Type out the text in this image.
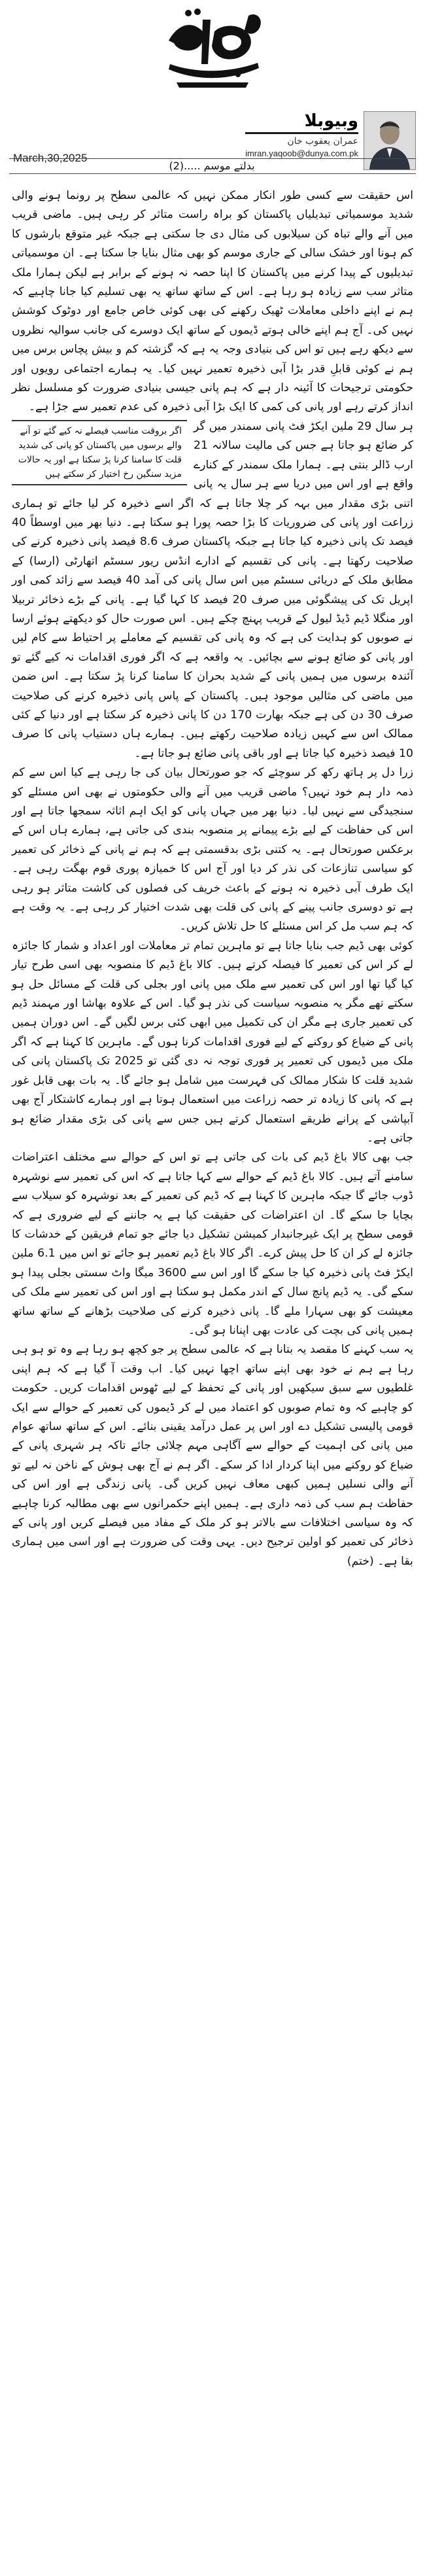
March,30,2025
وبیوبلا
عمران یعقوب خان
imran.yaqoob@dunya.com.pk
بدلتے موسم .....(2)

اس حقیقت سے کسی طور انکار ممکن نہیں کہ عالمی سطح پر رونما ہونے والی شدید موسمیاتی تبدیلیاں پاکستان کو براہ راست متاثر کر رہی ہیں۔ ماضی قریب میں آنے والے تباہ کن سیلابوں کی مثال دی جا سکتی ہے جبکہ غیر متوقع بارشوں کا کم ہونا اور خشک سالی کے جاری موسم کو بھی مثال بنایا جا سکتا ہے۔ ان موسمیاتی تبدیلیوں کے پیدا کرنے میں پاکستان کا اپنا حصہ نہ ہونے کے برابر ہے لیکن ہمارا ملک متاثر سب سے زیادہ ہو رہا ہے۔ اس کے ساتھ ساتھ یہ بھی تسلیم کیا جانا چاہیے کہ ہم نے اپنے داخلی معاملات ٹھیک رکھنے کی بھی کوئی خاص جامع اور دوٹوک کوشش نہیں کی۔ آج ہم اپنے خالی ہوتے ڈیموں کے ساتھ ایک دوسرے کی جانب سوالیہ نظروں سے دیکھ رہے ہیں تو اس کی بنیادی وجہ یہ ہے کہ گزشتہ کم و بیش پچاس برس میں ہم نے کوئی قابلِ قدر بڑا آبی ذخیرہ تعمیر نہیں کیا۔ یہ ہمارے اجتماعی رویوں اور حکومتی ترجیحات کا آئینہ دار ہے کہ ہم پانی جیسی بنیادی ضرورت کو مسلسل نظر انداز کرتے رہے اور پانی کی کمی کا ایک بڑا آبی ذخیرہ کی عدم تعمیر سے جڑا ہے۔

اگر بروقت مناسب فیصلے نہ کیے گئے تو آنے والے برسوں میں پاکستان کو پانی کی شدید قلت کا سامنا کرنا پڑ سکتا ہے اور یہ حالات مزید سنگین رخ اختیار کر سکتے ہیں

ہر سال 29 ملین ایکڑ فٹ پانی سمندر میں گر کر ضائع ہو جاتا ہے جس کی مالیت سالانہ 21 ارب ڈالر بنتی ہے۔ ہمارا ملک سمندر کے کنارے واقع ہے اور اس میں دریا سے ہر سال یہ پانی اتنی بڑی مقدار میں بہہ کر چلا جاتا ہے کہ اگر اسے ذخیرہ کر لیا جائے تو ہماری زراعت اور پانی کی ضروریات کا بڑا حصہ پورا ہو سکتا ہے۔ دنیا بھر میں اوسطاً 40 فیصد تک پانی ذخیرہ کیا جاتا ہے جبکہ پاکستان صرف 8.6 فیصد پانی ذخیرہ کرنے کی صلاحیت رکھتا ہے۔ پانی کی تقسیم کے ادارے انڈس ریور سسٹم اتھارٹی (ارسا) کے مطابق ملک کے دریائی سسٹم میں اس سال پانی کی آمد 40 فیصد سے زائد کمی اور اپریل تک کی پیشگوئی میں صرف 20 فیصد کا کہا گیا ہے۔ پانی کے بڑے ذخائر تربیلا اور منگلا ڈیم ڈیڈ لیول کے قریب پہنچ چکے ہیں۔ اس صورت حال کو دیکھتے ہوئے ارسا نے صوبوں کو ہدایت کی ہے کہ وہ پانی کی تقسیم کے معاملے پر احتیاط سے کام لیں اور پانی کو ضائع ہونے سے بچائیں۔ یہ واقعہ ہے کہ اگر فوری اقدامات نہ کیے گئے تو آئندہ برسوں میں ہمیں پانی کے شدید بحران کا سامنا کرنا پڑ سکتا ہے۔ اس ضمن میں ماضی کی مثالیں موجود ہیں۔ پاکستان کے پاس پانی ذخیرہ کرنے کی صلاحیت صرف 30 دن کی ہے جبکہ بھارت 170 دن کا پانی ذخیرہ کر سکتا ہے اور دنیا کے کئی ممالک اس سے کہیں زیادہ صلاحیت رکھتے ہیں۔ ہمارے ہاں دستیاب پانی کا صرف 10 فیصد ذخیرہ کیا جاتا ہے اور باقی پانی ضائع ہو جاتا ہے۔

زرا دل پر ہاتھ رکھ کر سوچئے کہ جو صورتحال بیان کی جا رہی ہے کیا اس سے کم ذمہ دار ہم خود نہیں؟ ماضی قریب میں آنے والی حکومتوں نے بھی اس مسئلے کو سنجیدگی سے نہیں لیا۔ دنیا بھر میں جہاں پانی کو ایک اہم اثاثہ سمجھا جاتا ہے اور اس کی حفاظت کے لیے بڑے پیمانے پر منصوبہ بندی کی جاتی ہے، ہمارے ہاں اس کے برعکس صورتحال ہے۔ یہ کتنی بڑی بدقسمتی ہے کہ ہم نے پانی کے ذخائر کی تعمیر کو سیاسی تنازعات کی نذر کر دیا اور آج اس کا خمیازہ پوری قوم بھگت رہی ہے۔ ایک طرف آبی ذخیرہ نہ ہونے کے باعث خریف کی فصلوں کی کاشت متاثر ہو رہی ہے تو دوسری جانب پینے کے پانی کی قلت بھی شدت اختیار کر رہی ہے۔ یہ وقت ہے کہ ہم سب مل کر اس مسئلے کا حل تلاش کریں۔

کوئی بھی ڈیم جب بنایا جاتا ہے تو ماہرین تمام تر معاملات اور اعداد و شمار کا جائزہ لے کر اس کی تعمیر کا فیصلہ کرتے ہیں۔ کالا باغ ڈیم کا منصوبہ بھی اسی طرح تیار کیا گیا تھا اور اس کی تعمیر سے ملک میں پانی اور بجلی کی قلت کے مسائل حل ہو سکتے تھے مگر یہ منصوبہ سیاست کی نذر ہو گیا۔ اس کے علاوہ بھاشا اور مہمند ڈیم کی تعمیر جاری ہے مگر ان کی تکمیل میں ابھی کئی برس لگیں گے۔ اس دوران ہمیں پانی کے ضیاع کو روکنے کے لیے فوری اقدامات کرنا ہوں گے۔ ماہرین کا کہنا ہے کہ اگر ملک میں ڈیموں کی تعمیر پر فوری توجہ نہ دی گئی تو 2025 تک پاکستان پانی کی شدید قلت کا شکار ممالک کی فہرست میں شامل ہو جائے گا۔ یہ بات بھی قابل غور ہے کہ پانی کا زیادہ تر حصہ زراعت میں استعمال ہوتا ہے اور ہمارے کاشتکار آج بھی آبپاشی کے پرانے طریقے استعمال کرتے ہیں جس سے پانی کی بڑی مقدار ضائع ہو جاتی ہے۔

جب بھی کالا باغ ڈیم کی بات کی جاتی ہے تو اس کے حوالے سے مختلف اعتراضات سامنے آتے ہیں۔ کالا باغ ڈیم کے حوالے سے کہا جاتا ہے کہ اس کی تعمیر سے نوشہرہ ڈوب جائے گا جبکہ ماہرین کا کہنا ہے کہ ڈیم کی تعمیر کے بعد نوشہرہ کو سیلاب سے بچایا جا سکے گا۔ ان اعتراضات کی حقیقت کیا ہے یہ جاننے کے لیے ضروری ہے کہ قومی سطح پر ایک غیرجانبدار کمیشن تشکیل دیا جائے جو تمام فریقین کے خدشات کا جائزہ لے کر ان کا حل پیش کرے۔ اگر کالا باغ ڈیم تعمیر ہو جائے تو اس میں 6.1 ملین ایکڑ فٹ پانی ذخیرہ کیا جا سکے گا اور اس سے 3600 میگا واٹ سستی بجلی پیدا ہو سکے گی۔ یہ ڈیم پانچ سال کے اندر مکمل ہو سکتا ہے اور اس کی تعمیر سے ملک کی معیشت کو بھی سہارا ملے گا۔ پانی ذخیرہ کرنے کی صلاحیت بڑھانے کے ساتھ ساتھ ہمیں پانی کی بچت کی عادت بھی اپنانا ہو گی۔

یہ سب کہنے کا مقصد یہ بتانا ہے کہ عالمی سطح پر جو کچھ ہو رہا ہے وہ تو ہو ہی رہا ہے ہم نے خود بھی اپنے ساتھ اچھا نہیں کیا۔ اب وقت آ گیا ہے کہ ہم اپنی غلطیوں سے سبق سیکھیں اور پانی کے تحفظ کے لیے ٹھوس اقدامات کریں۔ حکومت کو چاہیے کہ وہ تمام صوبوں کو اعتماد میں لے کر ڈیموں کی تعمیر کے حوالے سے ایک قومی پالیسی تشکیل دے اور اس پر عمل درآمد یقینی بنائے۔ اس کے ساتھ ساتھ عوام میں پانی کی اہمیت کے حوالے سے آگاہی مہم چلائی جائے تاکہ ہر شہری پانی کے ضیاع کو روکنے میں اپنا کردار ادا کر سکے۔ اگر ہم نے آج بھی ہوش کے ناخن نہ لیے تو آنے والی نسلیں ہمیں کبھی معاف نہیں کریں گی۔ پانی زندگی ہے اور اس کی حفاظت ہم سب کی ذمہ داری ہے۔ ہمیں اپنے حکمرانوں سے بھی مطالبہ کرنا چاہیے کہ وہ سیاسی اختلافات سے بالاتر ہو کر ملک کے مفاد میں فیصلے کریں اور پانی کے ذخائر کی تعمیر کو اولین ترجیح دیں۔ یہی وقت کی ضرورت ہے اور اسی میں ہماری بقا ہے۔ (ختم)
